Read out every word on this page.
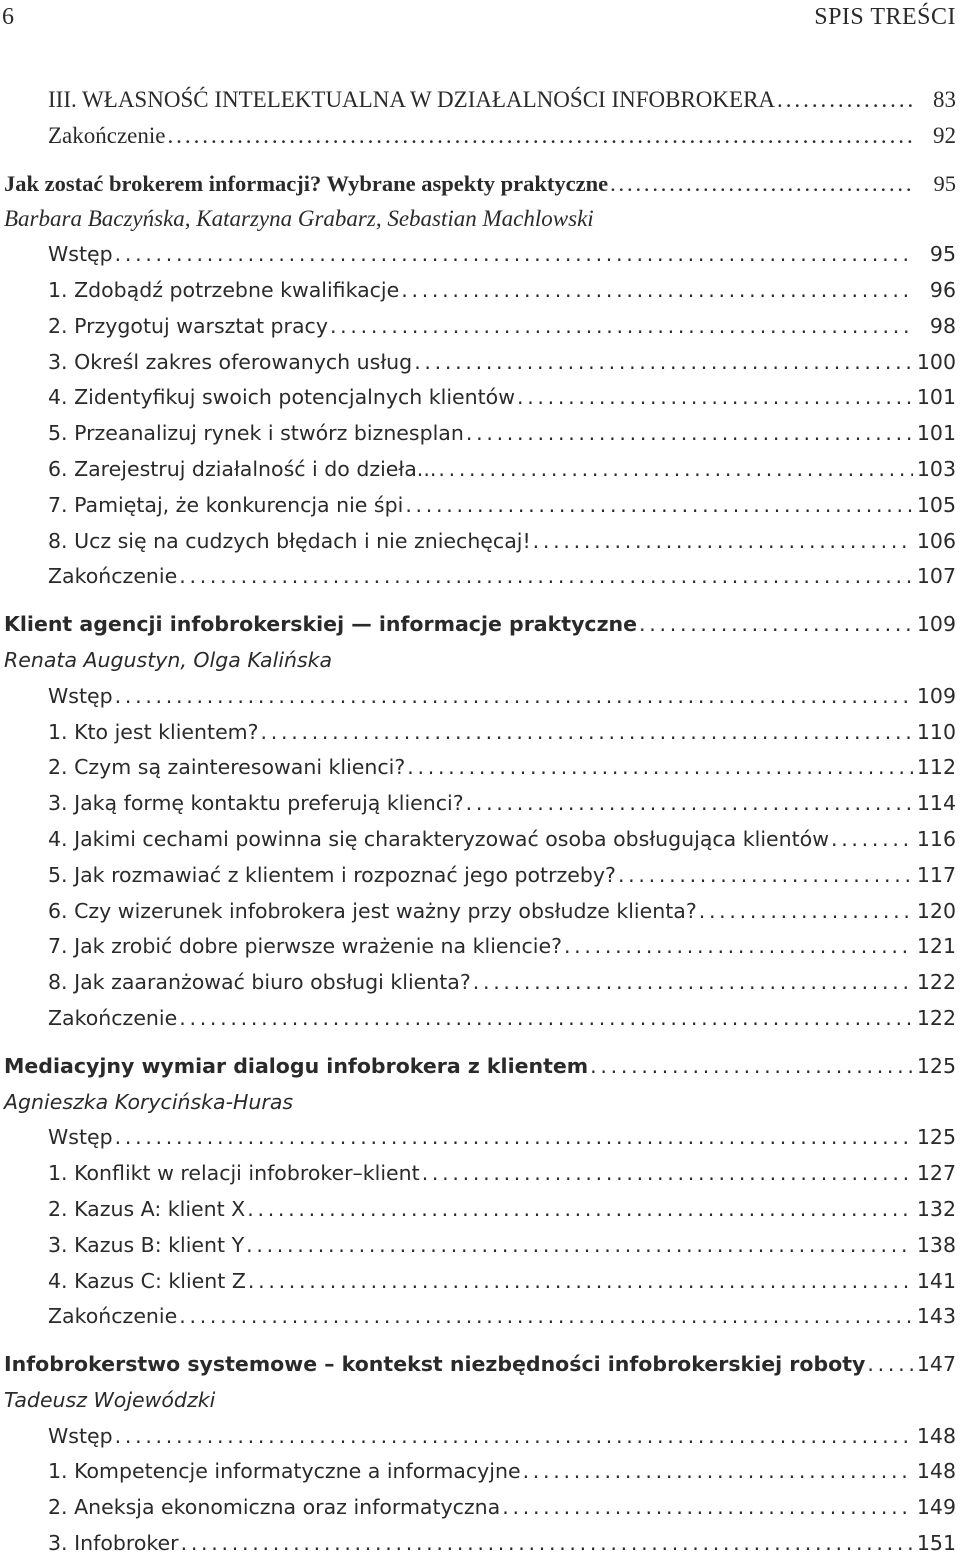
6	SPIS TREŚCI
III. WŁASNOŚĆ INTELEKTUALNA W DZIAŁALNOŚCI INFOBROKERA . . .	83
Zakończenie . . .	92
Jak zostać brokerem informacji? Wybrane aspekty praktyczne . . .	95
Barbara Baczyńska, Katarzyna Grabarz, Sebastian Machlowski
Wstęp . . .	95
1. Zdobądź potrzebne kwalifikacje . . .	96
2. Przygotuj warsztat pracy . . .	98
3. Określ zakres oferowanych usług . . .	100
4. Zidentyfikuj swoich potencjalnych klientów . . .	101
5. Przeanalizuj rynek i stwórz biznesplan . . .	101
6. Zarejestruj działalność i do dzieła... . . .	103
7. Pamiętaj, że konkurencja nie śpi . . .	105
8. Ucz się na cudzych błędach i nie zniechęcaj! . . .	106
Zakończenie . . .	107
Klient agencji infobrokerskiej — informacje praktyczne . . .	109
Renata Augustyn, Olga Kalińska
Wstęp . . .	109
1. Kto jest klientem? . . .	110
2. Czym są zainteresowani klienci? . . .	112
3. Jaką formę kontaktu preferują klienci? . . .	114
4. Jakimi cechami powinna się charakteryzować osoba obsługująca klientów . . .	116
5. Jak rozmawiać z klientem i rozpoznać jego potrzeby? . . .	117
6. Czy wizerunek infobrokera jest ważny przy obsłudze klienta? . . .	120
7. Jak zrobić dobre pierwsze wrażenie na kliencie? . . .	121
8. Jak zaaranżować biuro obsługi klienta? . . .	122
Zakończenie . . .	122
Mediacyjny wymiar dialogu infobrokera z klientem . . .	125
Agnieszka Korycińska-Huras
Wstęp . . .	125
1. Konflikt w relacji infobroker–klient . . .	127
2. Kazus A: klient X . . .	132
3. Kazus B: klient Y . . .	138
4. Kazus C: klient Z . . .	141
Zakończenie . . .	143
Infobrokerstwo systemowe – kontekst niezbędności infobrokerskiej roboty . . .	147
Tadeusz Wojewódzki
Wstęp . . .	148
1. Kompetencje informatyczne a informacyjne . . .	148
2. Aneksja ekonomiczna oraz informatyczna . . .	149
3. Infobroker . . .	151
